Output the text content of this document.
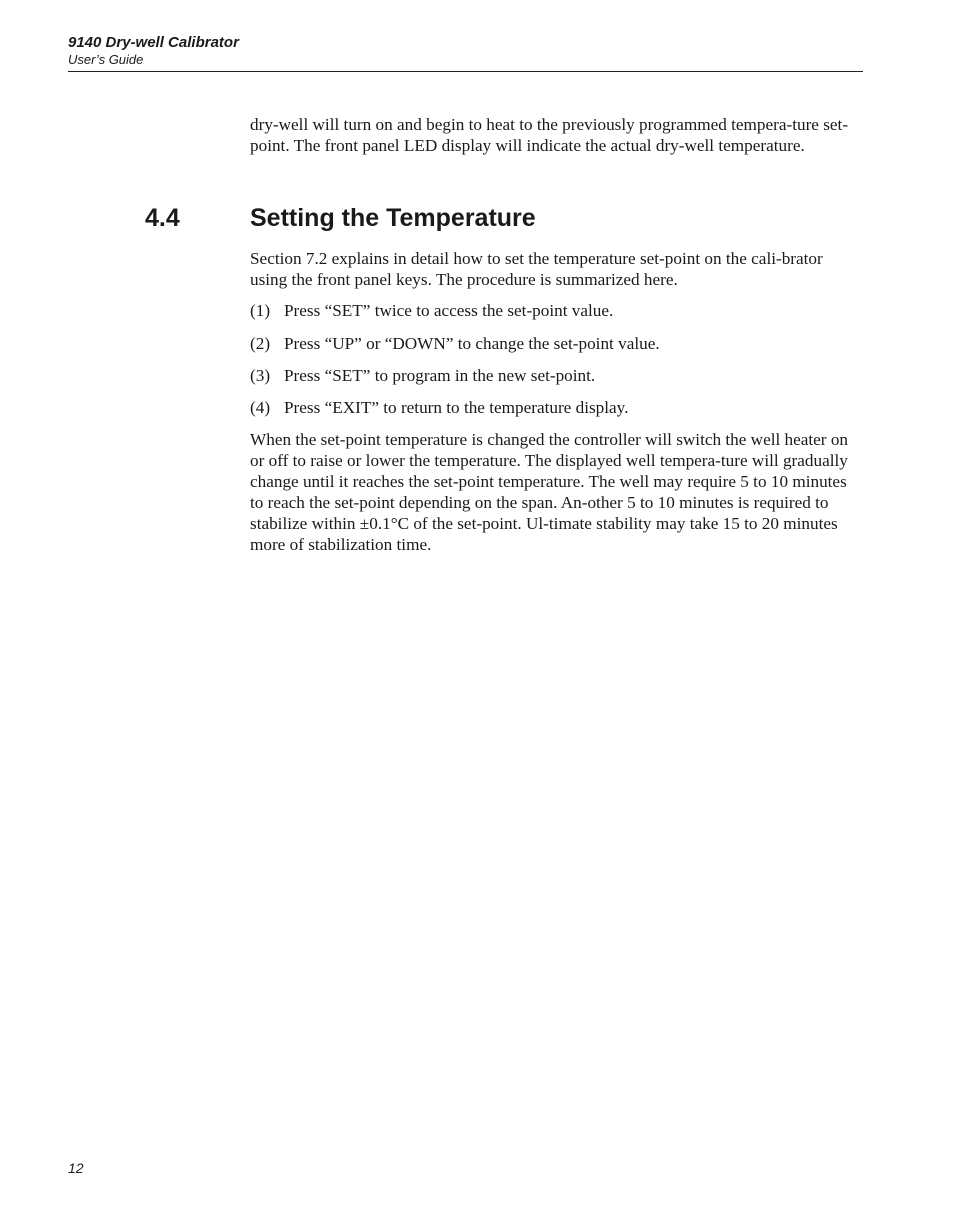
9140 Dry-well Calibrator
User’s Guide

dry-well will turn on and begin to heat to the previously programmed tempera-ture set-point. The front panel LED display will indicate the actual dry-well temperature.

4.4	Setting the Temperature

Section 7.2 explains in detail how to set the temperature set-point on the cali-brator using the front panel keys. The procedure is summarized here.

(1) Press “SET” twice to access the set-point value.
(2) Press “UP” or “DOWN” to change the set-point value.
(3) Press “SET” to program in the new set-point.
(4) Press “EXIT” to return to the temperature display.

When the set-point temperature is changed the controller will switch the well heater on or off to raise or lower the temperature. The displayed well tempera-ture will gradually change until it reaches the set-point temperature. The well may require 5 to 10 minutes to reach the set-point depending on the span. An-other 5 to 10 minutes is required to stabilize within ±0.1°C of the set-point. Ul-timate stability may take 15 to 20 minutes more of stabilization time.

12
